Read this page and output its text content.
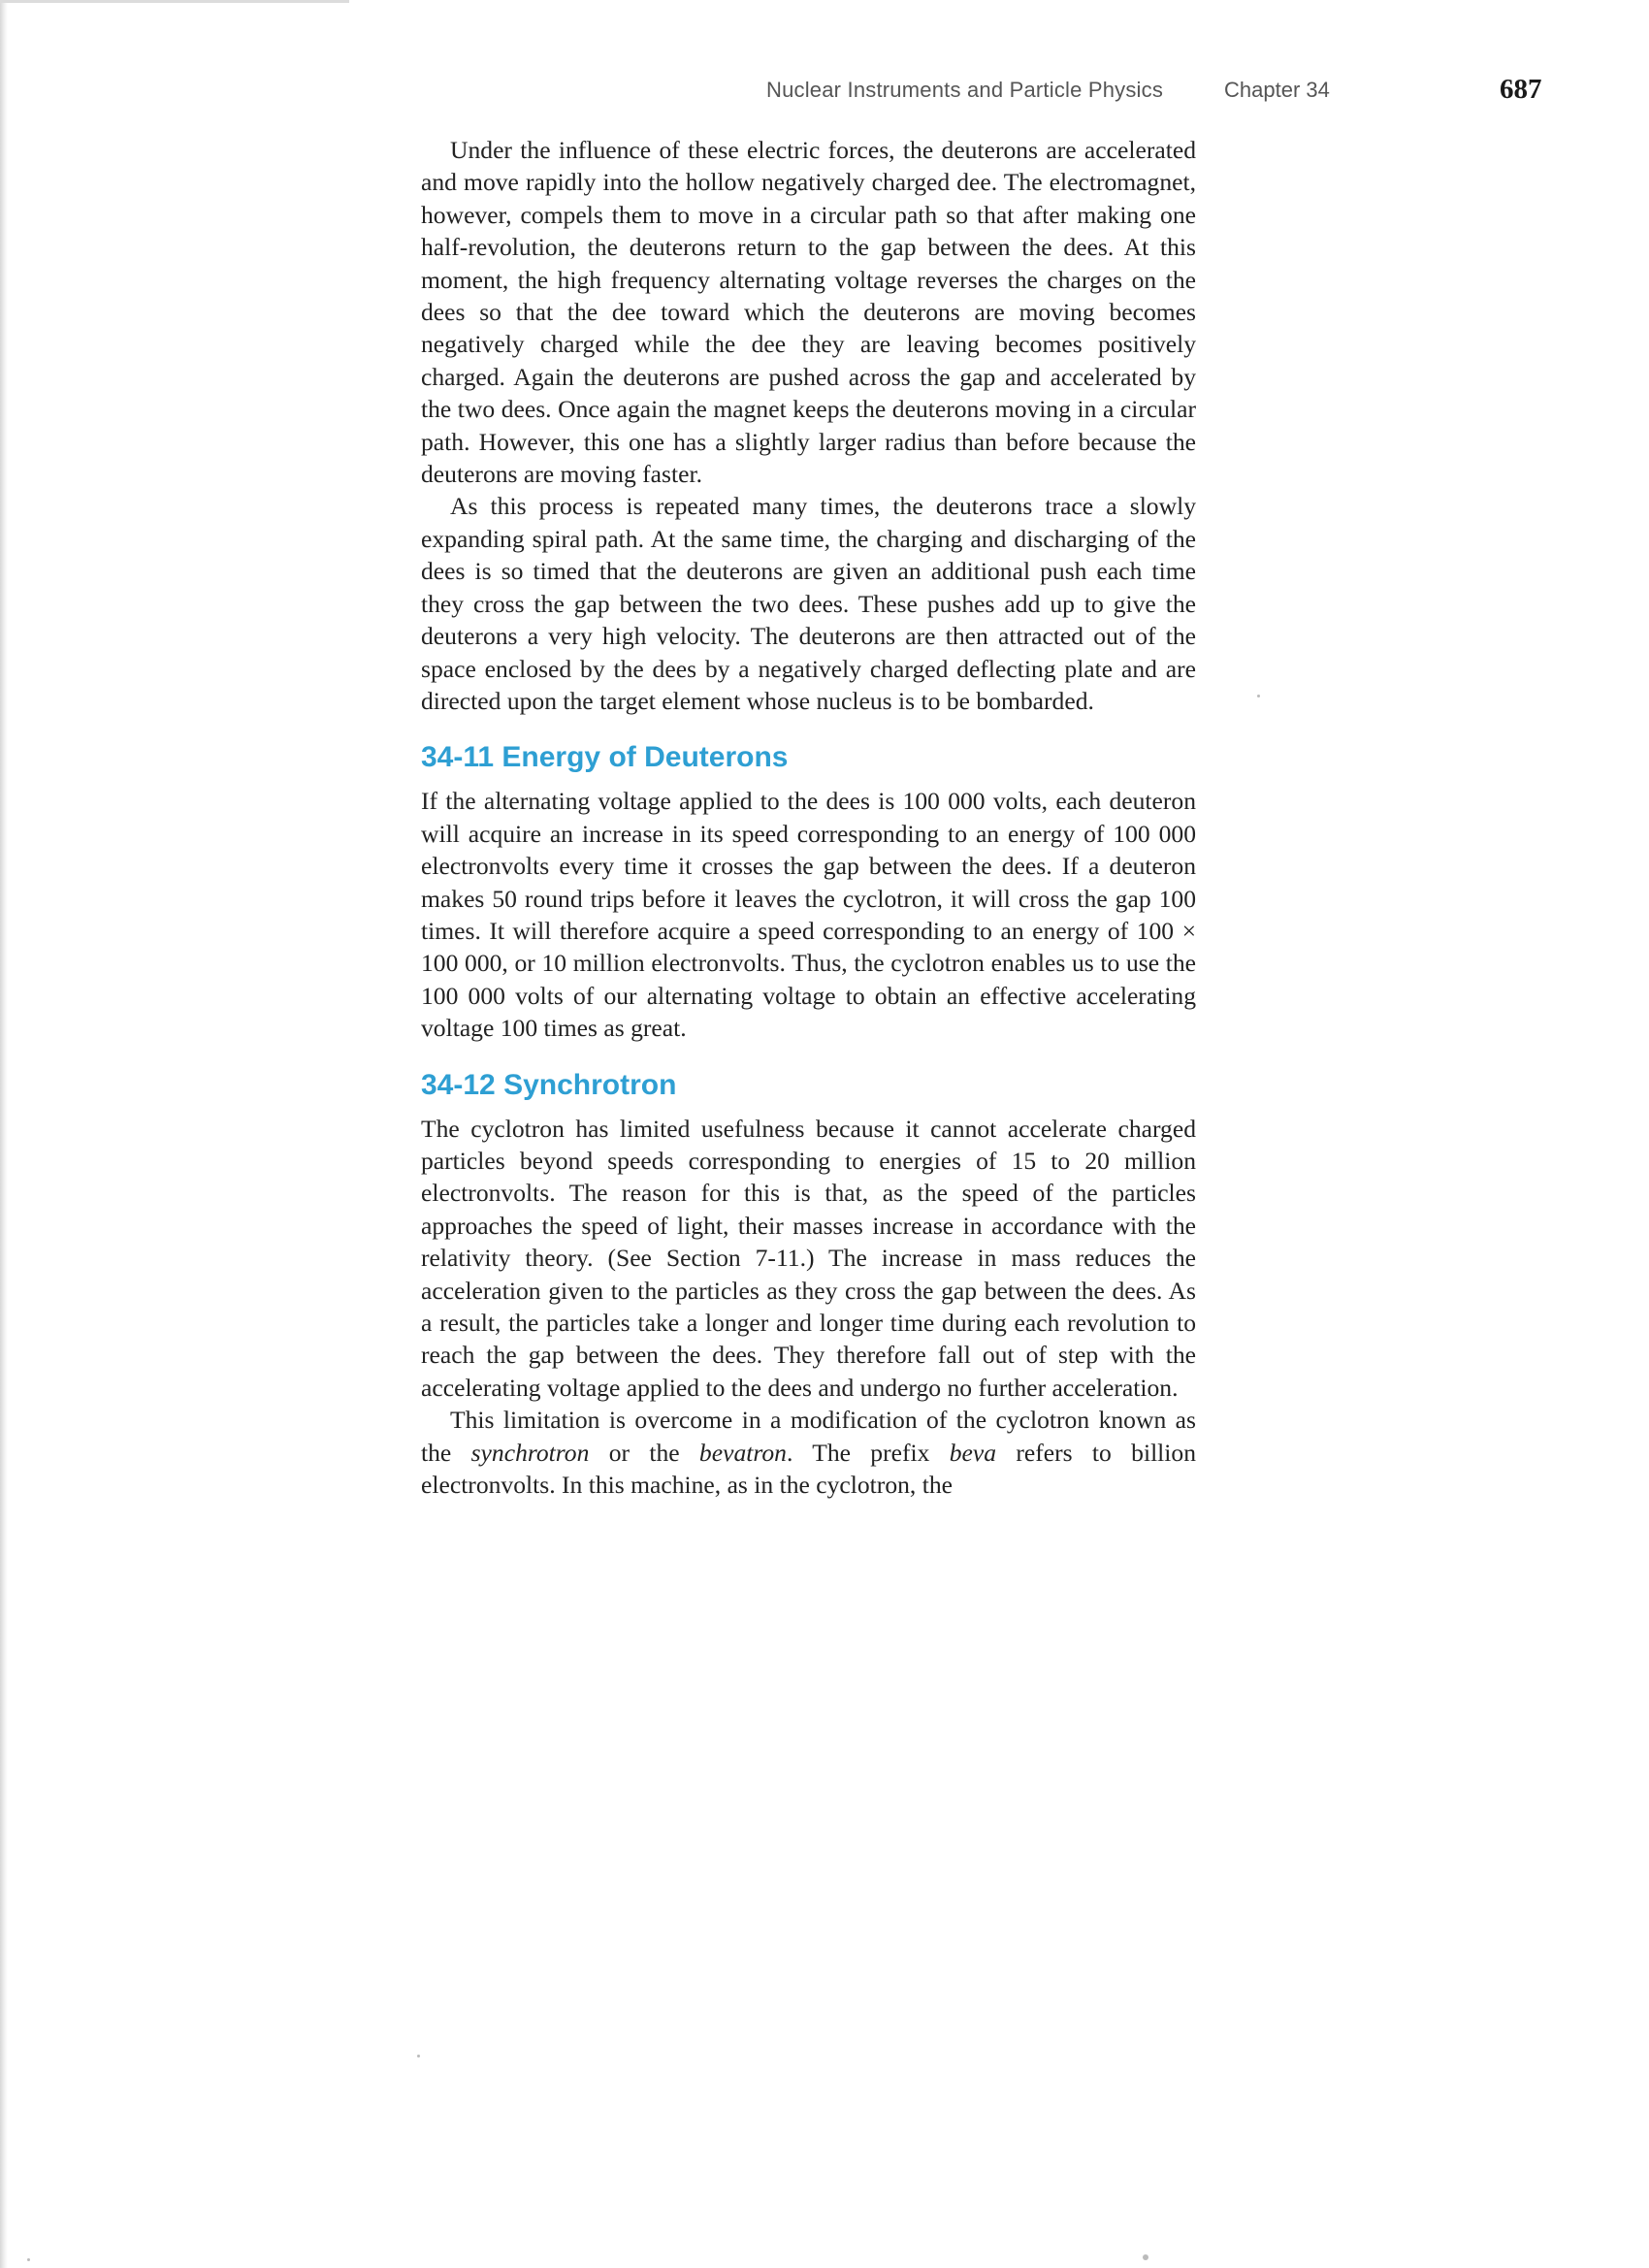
Nuclear Instruments and Particle Physics	Chapter 34	687

Under the influence of these electric forces, the deuterons are accelerated and move rapidly into the hollow negatively charged dee. The electromagnet, however, compels them to move in a circular path so that after making one half-revolution, the deuterons return to the gap between the dees. At this moment, the high frequency alternating voltage reverses the charges on the dees so that the dee toward which the deuterons are moving becomes negatively charged while the dee they are leaving becomes positively charged. Again the deuterons are pushed across the gap and accelerated by the two dees. Once again the magnet keeps the deuterons moving in a circular path. However, this one has a slightly larger radius than before because the deuterons are moving faster.

As this process is repeated many times, the deuterons trace a slowly expanding spiral path. At the same time, the charging and discharging of the dees is so timed that the deuterons are given an additional push each time they cross the gap between the two dees. These pushes add up to give the deuterons a very high velocity. The deuterons are then attracted out of the space enclosed by the dees by a negatively charged deflecting plate and are directed upon the target element whose nucleus is to be bombarded.

34-11 Energy of Deuterons

If the alternating voltage applied to the dees is 100 000 volts, each deuteron will acquire an increase in its speed corresponding to an energy of 100 000 electronvolts every time it crosses the gap between the dees. If a deuteron makes 50 round trips before it leaves the cyclotron, it will cross the gap 100 times. It will therefore acquire a speed corresponding to an energy of 100 × 100 000, or 10 million electronvolts. Thus, the cyclotron enables us to use the 100 000 volts of our alternating voltage to obtain an effective accelerating voltage 100 times as great.

34-12 Synchrotron

The cyclotron has limited usefulness because it cannot accelerate charged particles beyond speeds corresponding to energies of 15 to 20 million electronvolts. The reason for this is that, as the speed of the particles approaches the speed of light, their masses increase in accordance with the relativity theory. (See Section 7-11.) The increase in mass reduces the acceleration given to the particles as they cross the gap between the dees. As a result, the particles take a longer and longer time during each revolution to reach the gap between the dees. They therefore fall out of step with the accelerating voltage applied to the dees and undergo no further acceleration.

This limitation is overcome in a modification of the cyclotron known as the synchrotron or the bevatron. The prefix beva refers to billion electronvolts. In this machine, as in the cyclotron, the
